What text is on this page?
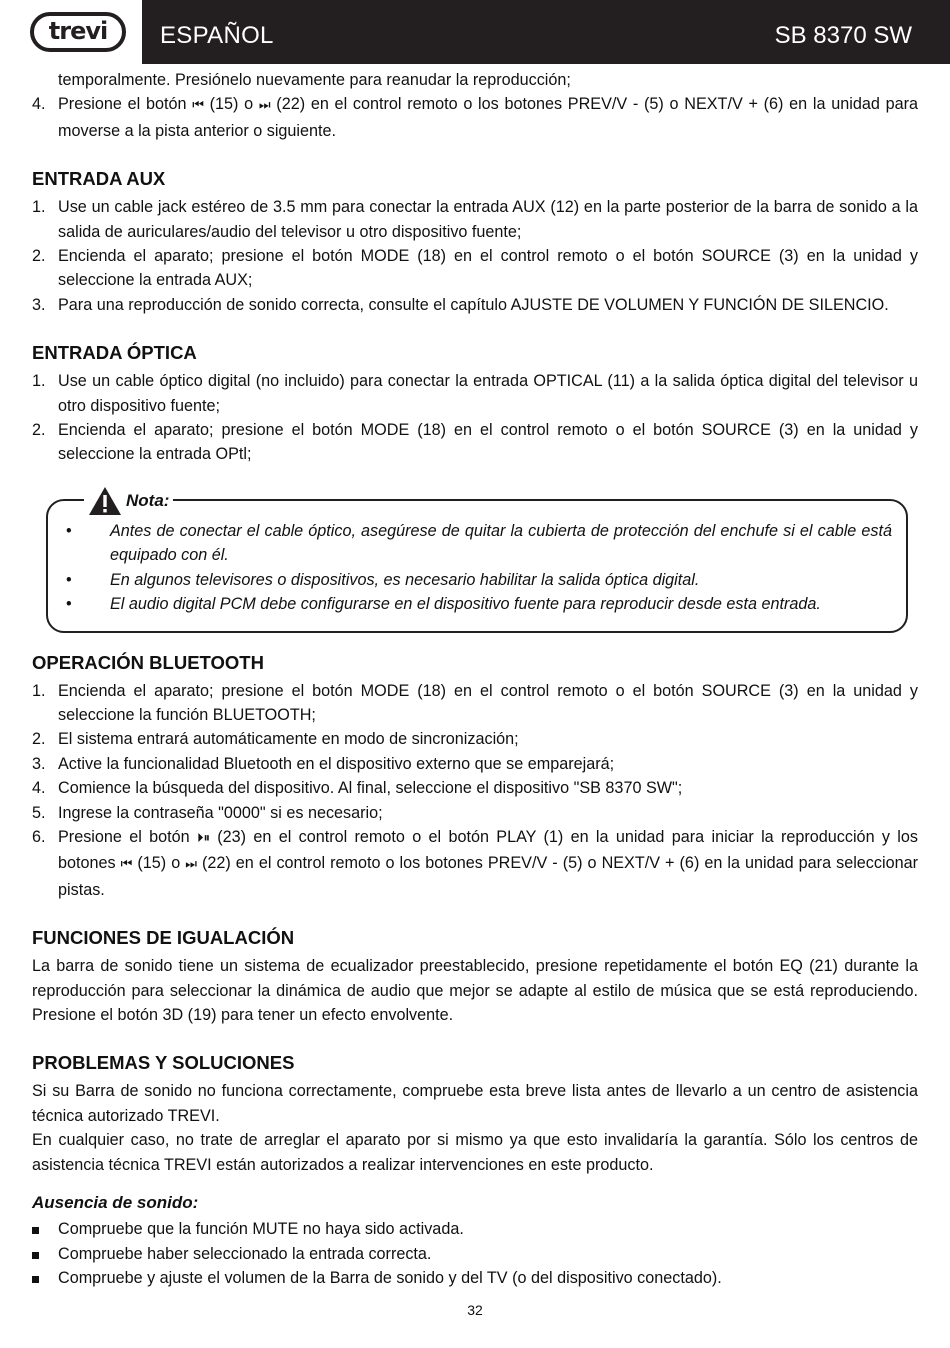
trevi ESPAÑOL	SB 8370 SW

temporalmente. Presiónelo nuevamente para reanudar la reproducción;

4. Presione el botón ⏮ (15) o ⏭ (22) en el control remoto o los botones PREV/V - (5) o NEXT/V + (6) en la unidad para moverse a la pista anterior o siguiente.
ENTRADA AUX
1. Use un cable jack estéreo de 3.5 mm para conectar la entrada AUX (12) en la parte posterior de la barra de sonido a la salida de auriculares/audio del televisor u otro dispositivo fuente;
2. Encienda el aparato; presione el botón MODE (18) en el control remoto o el botón SOURCE (3) en la unidad y seleccione la entrada AUX;
3. Para una reproducción de sonido correcta, consulte el capítulo AJUSTE DE VOLUMEN Y FUNCIÓN DE SILENCIO.
ENTRADA ÓPTICA
1. Use un cable óptico digital (no incluido) para conectar la entrada OPTICAL (11) a la salida óptica digital del televisor u otro dispositivo fuente;
2. Encienda el aparato; presione el botón MODE (18) en el control remoto o el botón SOURCE (3) en la unidad y seleccione la entrada OPtl;
Nota:
•	Antes de conectar el cable óptico, asegúrese de quitar la cubierta de protección del enchufe si el cable está equipado con él.
•	En algunos televisores o dispositivos, es necesario habilitar la salida óptica digital.
•	El audio digital PCM debe configurarse en el dispositivo fuente para reproducir desde esta entrada.
OPERACIÓN BLUETOOTH
1. Encienda el aparato; presione el botón MODE (18) en el control remoto o el botón SOURCE (3) en la unidad y seleccione la función BLUETOOTH;
2. El sistema entrará automáticamente en modo de sincronización;
3. Active la funcionalidad Bluetooth en el dispositivo externo que se emparejará;
4. Comience la búsqueda del dispositivo. Al final, seleccione el dispositivo "SB 8370 SW";
5. Ingrese la contraseña "0000" si es necesario;
6. Presione el botón ⏵⏸ (23) en el control remoto o el botón PLAY (1) en la unidad para iniciar la reproducción y los botones ⏮ (15) o ⏭ (22) en el control remoto o los botones PREV/V - (5) o NEXT/V + (6) en la unidad para seleccionar pistas.
FUNCIONES DE IGUALACIÓN

La barra de sonido tiene un sistema de ecualizador preestablecido, presione repetidamente el botón EQ (21) durante la reproducción para seleccionar la dinámica de audio que mejor se adapte al estilo de música que se está reproduciendo. Presione el botón 3D (19) para tener un efecto envolvente.

PROBLEMAS Y SOLUCIONES

Si su Barra de sonido no funciona correctamente, compruebe esta breve lista antes de llevarlo a un centro de asistencia técnica autorizado TREVI.

En cualquier caso, no trate de arreglar el aparato por si mismo ya que esto invalidaría la garantía. Sólo los centros de asistencia técnica TREVI están autorizados a realizar intervenciones en este producto.

Ausencia de sonido:
Compruebe que la función MUTE no haya sido activada.
Compruebe haber seleccionado la entrada correcta.
Compruebe y ajuste el volumen de la Barra de sonido y del TV (o del dispositivo conectado).
32
